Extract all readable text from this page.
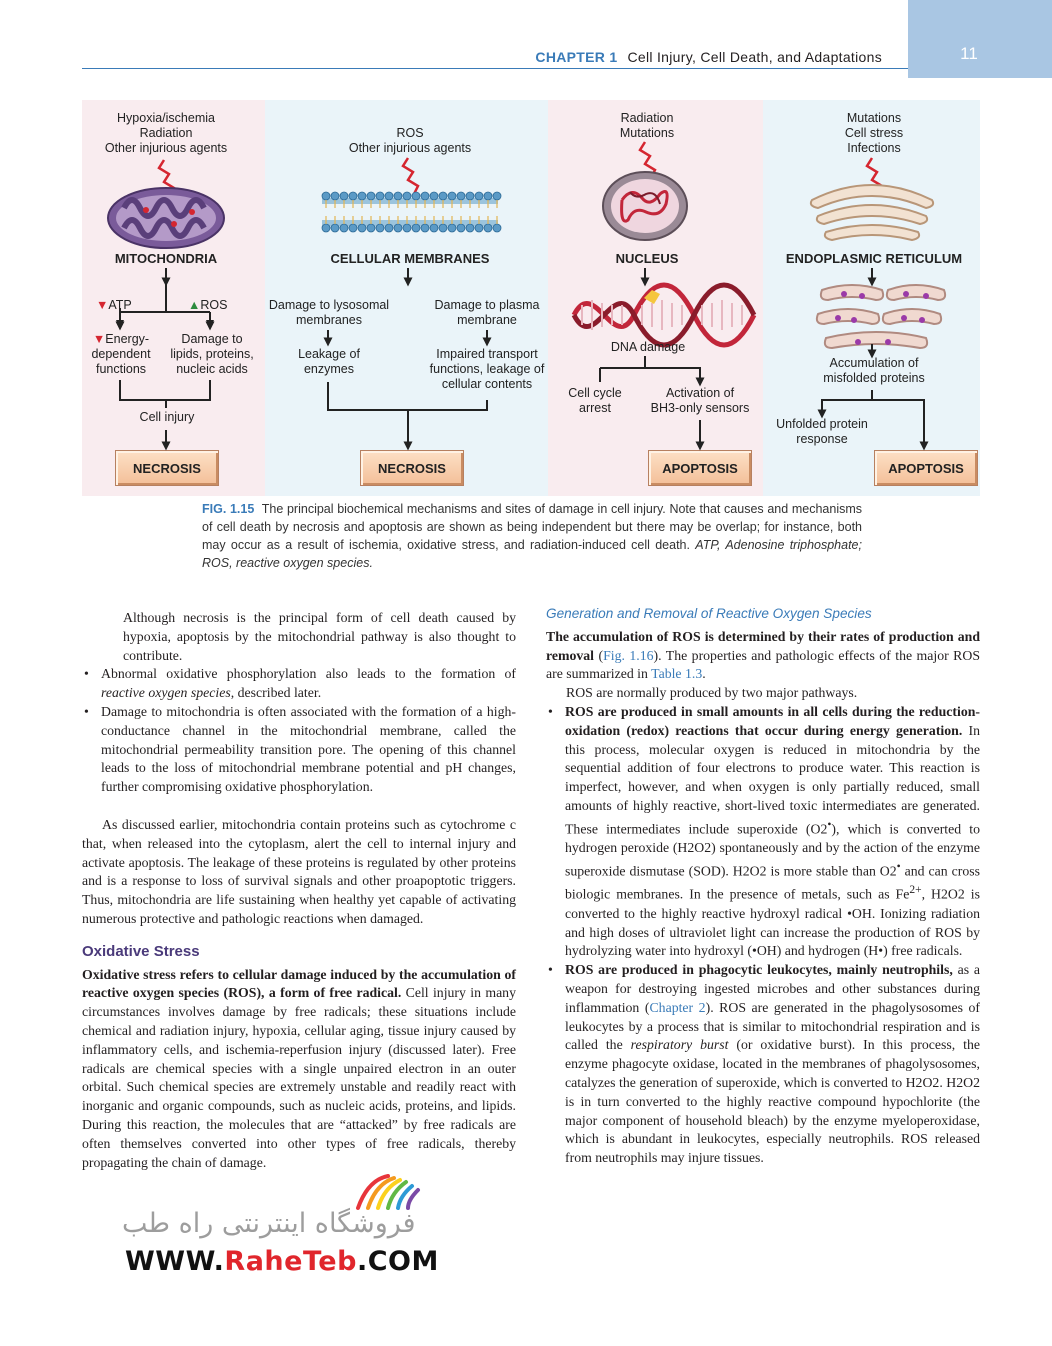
11
CHAPTER 1 Cell Injury, Cell Death, and Adaptations
Hypoxia/ischemia
Radiation
Other injurious agents
MITOCHONDRIA
▼ATP	▲ROS
▼Energy-
dependent
functions
Damage to
lipids, proteins,
nucleic acids
Cell injury
NECROSIS
ROS
Other injurious agents
CELLULAR MEMBRANES
Damage to lysosomal
membranes
Damage to plasma
membrane
Leakage of
enzymes
Impaired transport
functions, leakage of
cellular contents
NECROSIS
Radiation
Mutations
NUCLEUS
DNA damage
Cell cycle
arrest
Activation of
BH3-only sensors
APOPTOSIS
Mutations
Cell stress
Infections
ENDOPLASMIC RETICULUM
Accumulation of
misfolded proteins
Unfolded protein
response
APOPTOSIS
FIG. 1.15 The principal biochemical mechanisms and sites of damage in cell injury. Note that causes and mechanisms of cell death by necrosis and apoptosis are shown as being independent but there may be overlap; for instance, both may occur as a result of ischemia, oxidative stress, and radiation-induced cell death. ATP, Adenosine triphosphate; ROS, reactive oxygen species.

Although necrosis is the principal form of cell death caused by hypoxia, apoptosis by the mitochondrial pathway is also thought to contribute.

• Abnormal oxidative phosphorylation also leads to the formation of reactive oxygen species, described later.

• Damage to mitochondria is often associated with the formation of a high-conductance channel in the mitochondrial membrane, called the mitochondrial permeability transition pore. The opening of this channel leads to the loss of mitochondrial membrane potential and pH changes, further compromising oxidative phosphorylation.

As discussed earlier, mitochondria contain proteins such as cytochrome c that, when released into the cytoplasm, alert the cell to internal injury and activate apoptosis. The leakage of these proteins is regulated by other proteins and is a response to loss of survival signals and other proapoptotic triggers. Thus, mitochondria are life sustaining when healthy yet capable of activating numerous protective and pathologic reactions when damaged.

Oxidative Stress

Oxidative stress refers to cellular damage induced by the accumulation of reactive oxygen species (ROS), a form of free radical. Cell injury in many circumstances involves damage by free radicals; these situations include chemical and radiation injury, hypoxia, cellular aging, tissue injury caused by inflammatory cells, and ischemia-reperfusion injury (discussed later). Free radicals are chemical species with a single unpaired electron in an outer orbital. Such chemical species are extremely unstable and readily react with inorganic and organic compounds, such as nucleic acids, proteins, and lipids. During this reaction, the molecules that are “attacked” by free radicals are often themselves converted into other types of free radicals, thereby propagating the chain of damage.

Generation and Removal of Reactive Oxygen Species

The accumulation of ROS is determined by their rates of production and removal (Fig. 1.16). The properties and pathologic effects of the major ROS are summarized in Table 1.3.

ROS are normally produced by two major pathways.

• ROS are produced in small amounts in all cells during the reduction-oxidation (redox) reactions that occur during energy generation. In this process, molecular oxygen is reduced in mitochondria by the sequential addition of four electrons to produce water. This reaction is imperfect, however, and when oxygen is only partially reduced, small amounts of highly reactive, short-lived toxic intermediates are generated. These intermediates include superoxide (O2•), which is converted to hydrogen peroxide (H2O2) spontaneously and by the action of the enzyme superoxide dismutase (SOD). H2O2 is more stable than O2• and can cross biologic membranes. In the presence of metals, such as $Fe^{2+}$, H2O2 is converted to the highly reactive hydroxyl radical •OH. Ionizing radiation and high doses of ultraviolet light can increase the production of ROS by hydrolyzing water into hydroxyl (•OH) and hydrogen (H•) free radicals.

• ROS are produced in phagocytic leukocytes, mainly neutrophils, as a weapon for destroying ingested microbes and other substances during inflammation (Chapter 2). ROS are generated in the phagolysosomes of leukocytes by a process that is similar to mitochondrial respiration and is called the respiratory burst (or oxidative burst). In this process, the enzyme phagocyte oxidase, located in the membranes of phagolysosomes, catalyzes the generation of superoxide, which is converted to H2O2. H2O2 is in turn converted to the highly reactive compound hypochlorite (the major component of household bleach) by the enzyme myeloperoxidase, which is abundant in leukocytes, especially neutrophils. ROS released from neutrophils may injure tissues.

فروشگاه اینترنتی راه طب
WWW.RaheTeb.COM
